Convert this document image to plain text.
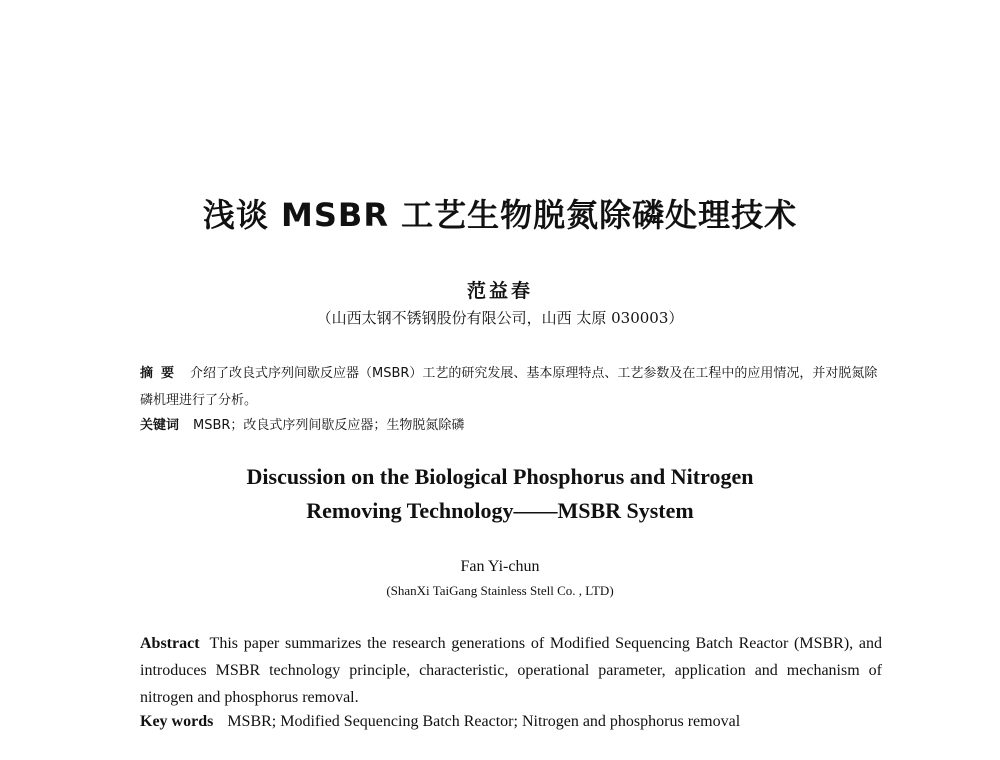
浅谈 MSBR 工艺生物脱氮除磷处理技术
范益春
（山西太钢不锈钢股份有限公司，山西 太原 030003）
摘要 介绍了改良式序列间歇反应器（MSBR）工艺的研究发展、基本原理特点、工艺参数及在工程中的应用情况，并对脱氮除磷机理进行了分析。
关键词 MSBR；改良式序列间歇反应器；生物脱氮除磷
Discussion on the Biological Phosphorus and Nitrogen
Removing Technology——MSBR System
Fan Yi-chun
(ShanXi TaiGang Stainless Stell Co. , LTD)
Abstract This paper summarizes the research generations of Modified Sequencing Batch Reactor (MSBR), and introduces MSBR technology principle, characteristic, operational parameter, application and mechanism of nitrogen and phosphorus removal.
Key words MSBR; Modified Sequencing Batch Reactor; Nitrogen and phosphorus removal
